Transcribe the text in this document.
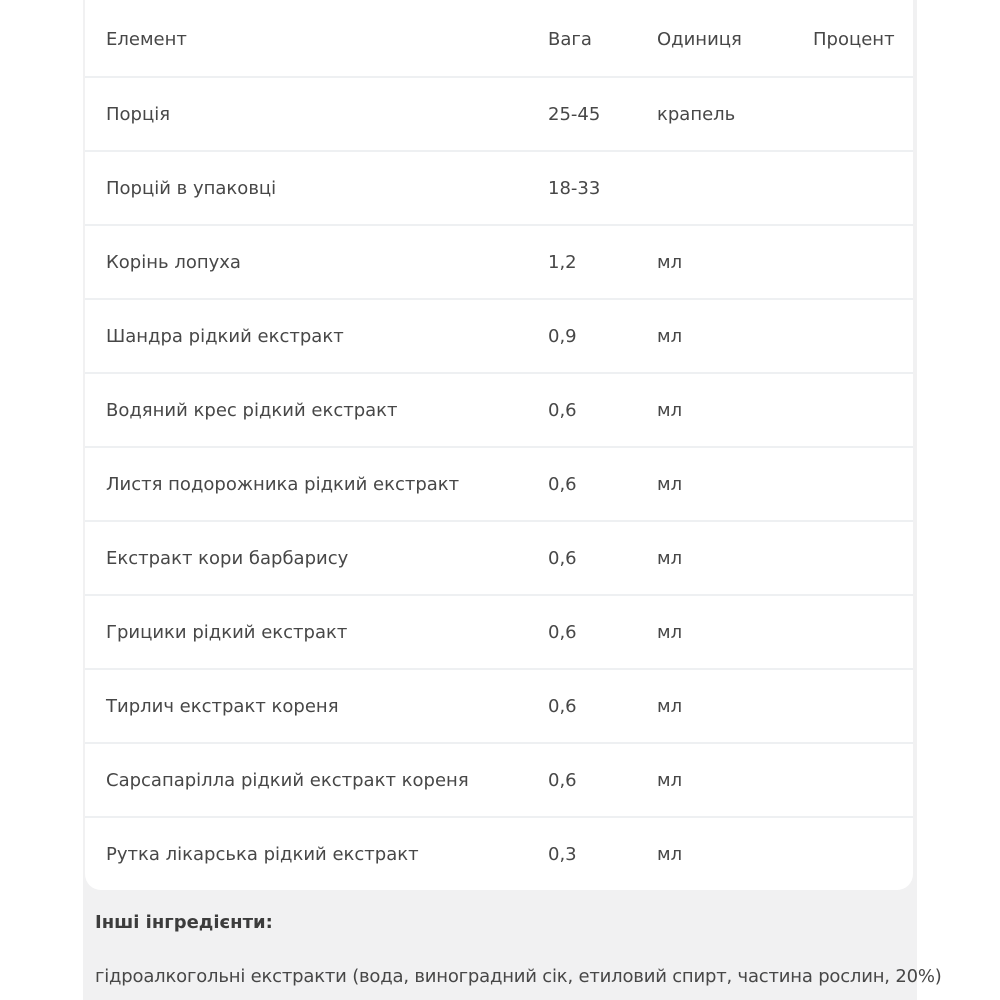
Елемент	Вага	Одиниця	Процент
Порція	25-45	крапель
Порцій в упаковці	18-33
Корінь лопуха	1,2	мл
Шандра рідкий екстракт	0,9	мл
Водяний крес рідкий екстракт	0,6	мл
Листя подорожника рідкий екстракт	0,6	мл
Екстракт кори барбарису	0,6	мл
Грицики рідкий екстракт	0,6	мл
Тирлич екстракт кореня	0,6	мл
Сарсапарілла рідкий екстракт кореня	0,6	мл
Рутка лікарська рідкий екстракт	0,3	мл
Інші інгредієнти:
гідроалкогольні екстракти (вода, виноградний сік, етиловий спирт, частина рослин, 20%)
